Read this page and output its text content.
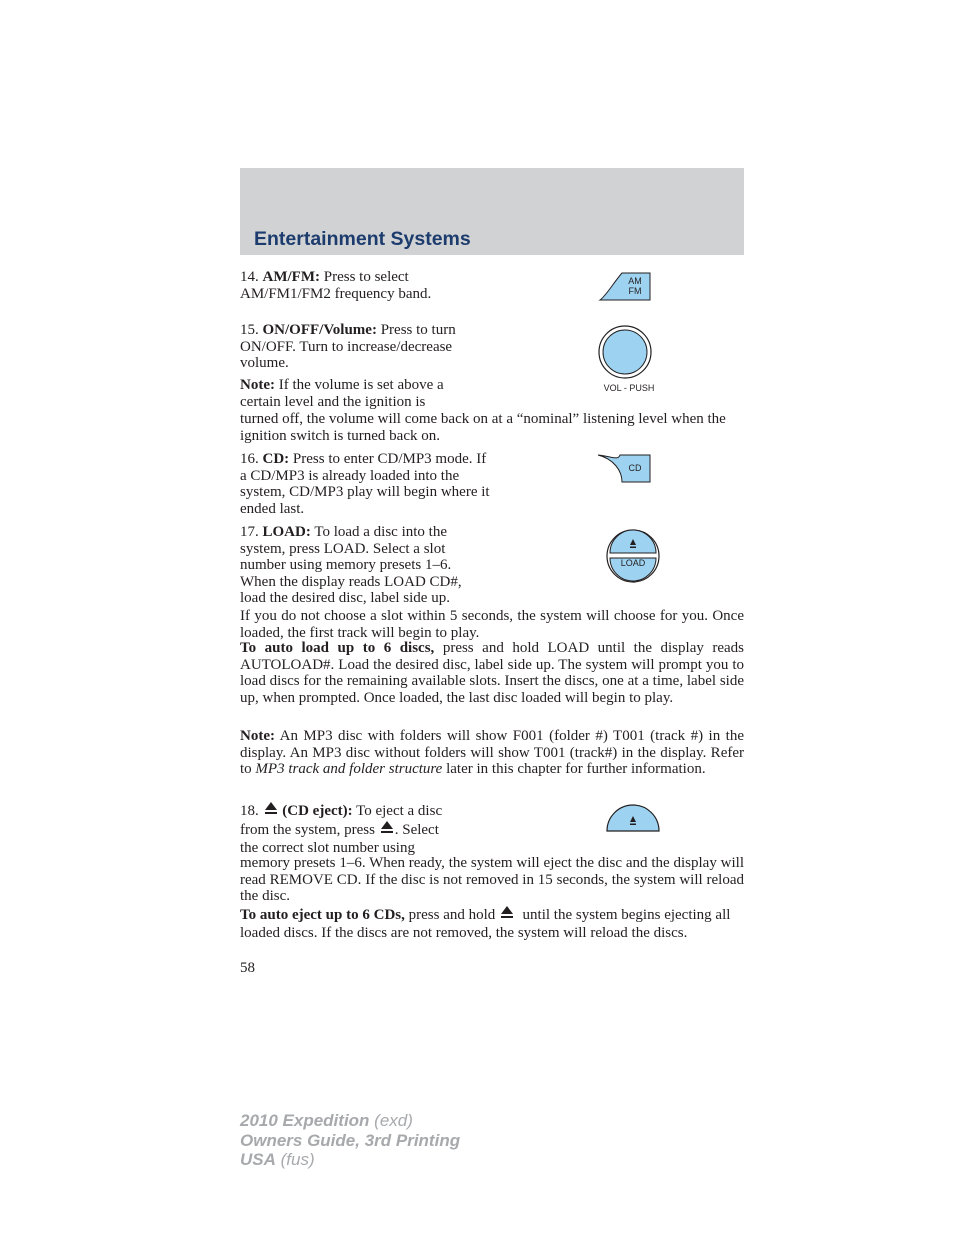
Entertainment Systems

14. AM/FM: Press to select AM/FM1/FM2 frequency band.

AM
FM

15. ON/OFF/Volume: Press to turn ON/OFF. Turn to increase/decrease volume.

VOL - PUSH

Note: If the volume is set above a certain level and the ignition is

turned off, the volume will come back on at a “nominal” listening level when the ignition switch is turned back on.

16. CD: Press to enter CD/MP3 mode. If a CD/MP3 is already loaded into the system, CD/MP3 play will begin where it ended last.

CD

17. LOAD: To load a disc into the system, press LOAD. Select a slot number using memory presets 1–6. When the display reads LOAD CD#, load the desired disc, label side up.

LOAD

If you do not choose a slot within 5 seconds, the system will choose for you. Once loaded, the first track will begin to play.

To auto load up to 6 discs, press and hold LOAD until the display reads AUTOLOAD#. Load the desired disc, label side up. The system will prompt you to load discs for the remaining available slots. Insert the discs, one at a time, label side up, when prompted. Once loaded, the last disc loaded will begin to play.

Note: An MP3 disc with folders will show F001 (folder #) T001 (track #) in the display. An MP3 disc without folders will show T001 (track#) in the display. Refer to MP3 track and folder structure later in this chapter for further information.

18. (CD eject): To eject a disc
from the system, press . Select
the correct slot number using

memory presets 1–6. When ready, the system will eject the disc and the display will read REMOVE CD. If the disc is not removed in 15 seconds, the system will reload the disc.

To auto eject up to 6 CDs, press and hold until the system begins ejecting all loaded discs. If the discs are not removed, the system will reload the discs.

58

2010 Expedition (exd)
Owners Guide, 3rd Printing
USA (fus)
